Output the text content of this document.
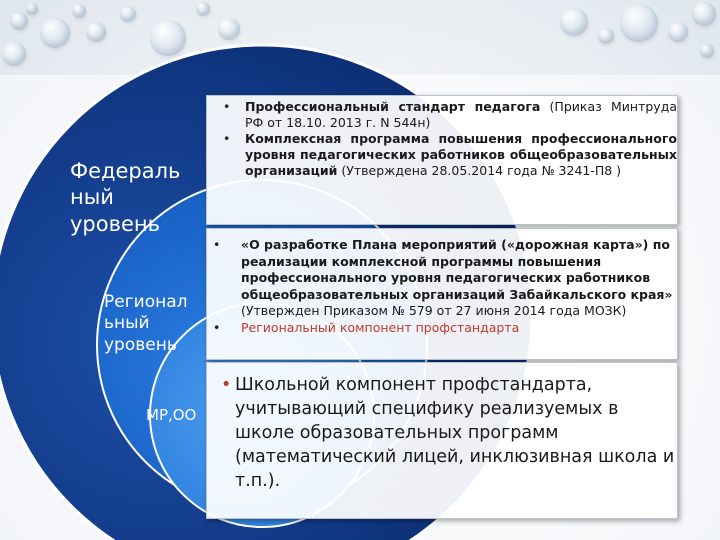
Федераль ный уровень
Регионал ьный уровень
МР,ОО
• Профессиональный стандарт педагога (Приказ Минтруда РФ от 18.10. 2013 г. N 544н)
• Комплексная программа повышения профессионального уровня педагогических работников общеобразовательных организаций (Утверждена 28.05.2014 года № 3241-П8 )
• «О разработке Плана мероприятий («дорожная карта») по реализации комплексной программы повышения профессионального уровня педагогических работников общеобразовательных организаций Забайкальского края» (Утвержден Приказом № 579 от 27 июня 2014 года МОЗК)
• Региональный компонент профстандарта
• Школьной компонент профстандарта, учитывающий специфику реализуемых в школе образовательных программ (математический лицей, инклюзивная школа и т.п.).
